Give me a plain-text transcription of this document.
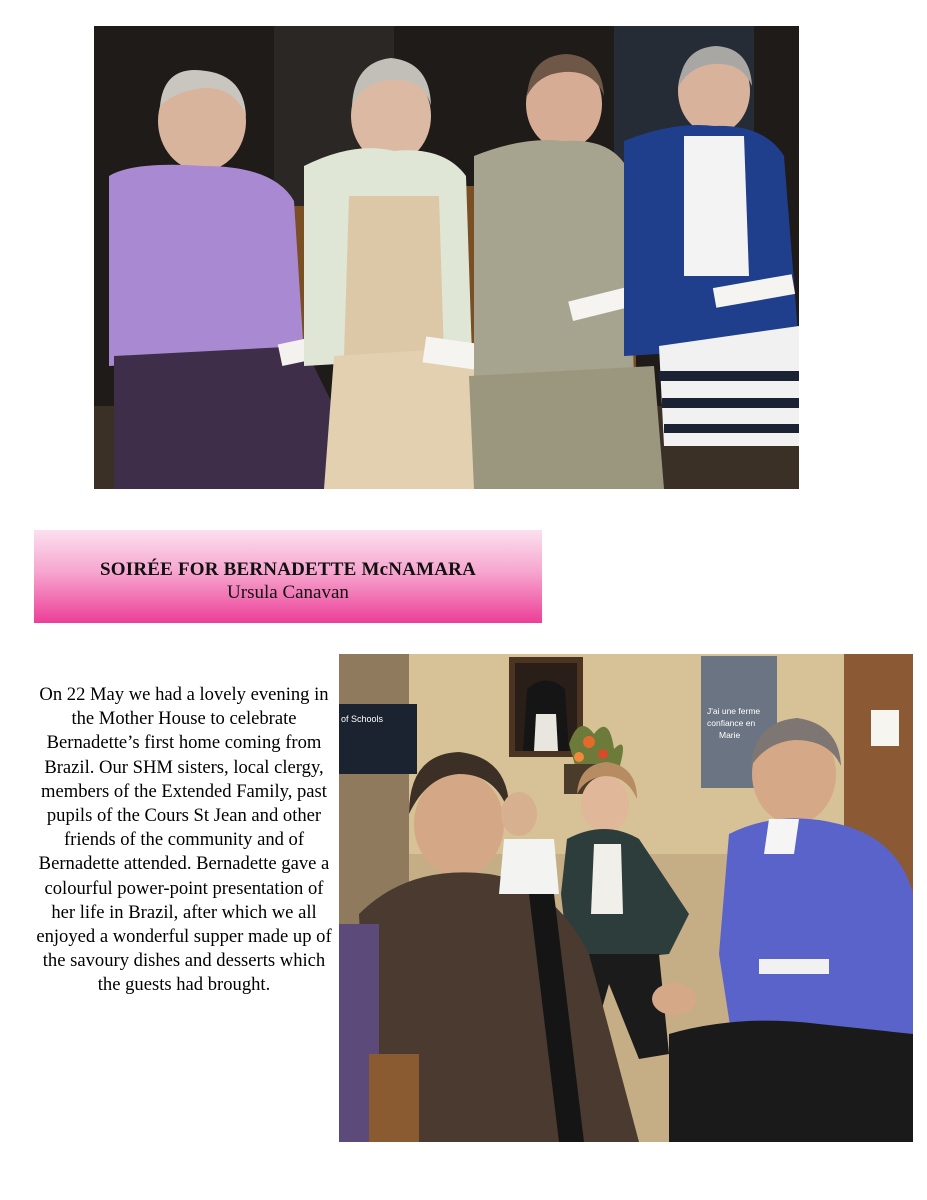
SOIRÉE FOR BERNADETTE McNAMARA
Ursula Canavan
On 22 May we had a lovely evening in the Mother House to celebrate Bernadette’s first home coming from Brazil. Our SHM sisters, local clergy, members of the Extended Family, past pupils of the Cours St Jean and other friends of the community and of Bernadette attended. Bernadette gave a colourful power-point presentation of her life in Brazil, after which we all enjoyed a wonderful supper made up of the savoury dishes and desserts which the guests had brought.
of Schools
J'ai une ferme
confiance en
Marie
